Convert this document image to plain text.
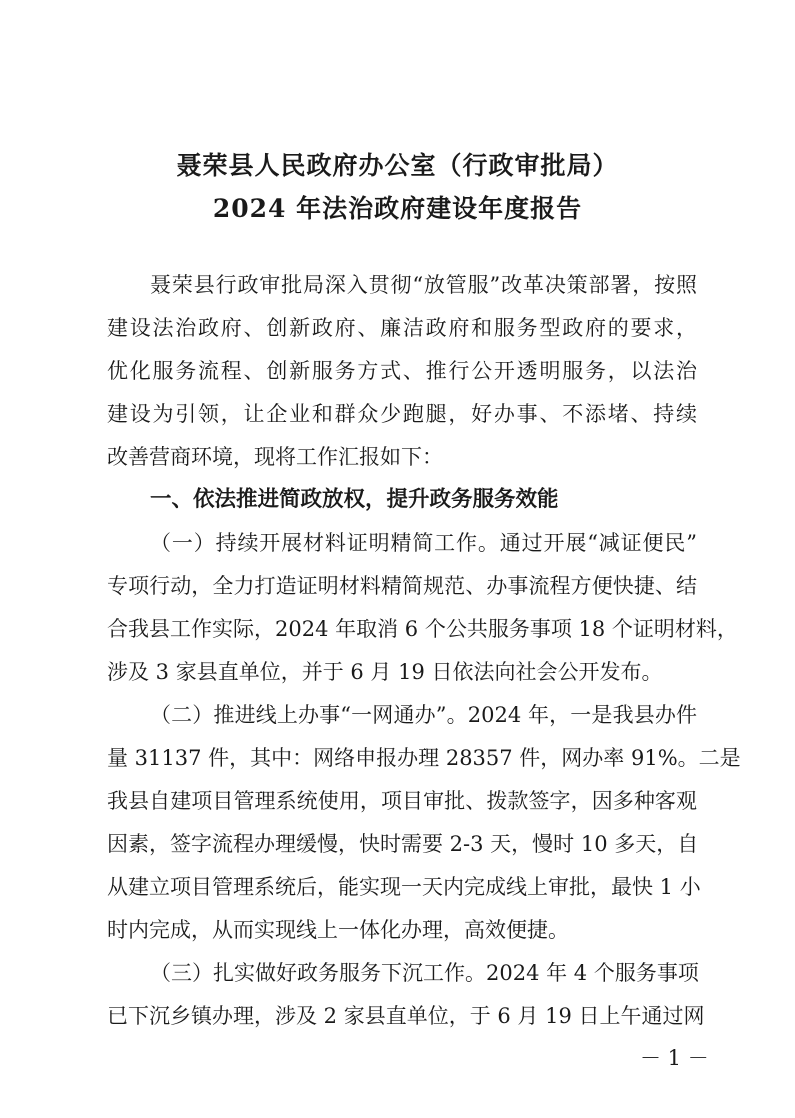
聂荣县人民政府办公室（行政审批局）
2024 年法治政府建设年度报告
聂荣县行政审批局深入贯彻“放管服”改革决策部署，按照
建设法治政府、创新政府、廉洁政府和服务型政府的要求，
优化服务流程、创新服务方式、推行公开透明服务，以法治
建设为引领，让企业和群众少跑腿，好办事、不添堵、持续
改善营商环境，现将工作汇报如下：
一、依法推进简政放权，提升政务服务效能
（一）持续开展材料证明精简工作。通过开展“减证便民”
专项行动，全力打造证明材料精简规范、办事流程方便快捷、结
合我县工作实际，2024 年取消 6 个公共服务事项 18 个证明材料，
涉及 3 家县直单位，并于 6 月 19 日依法向社会公开发布。
（二）推进线上办事“一网通办”。2024 年，一是我县办件
量 31137 件，其中：网络申报办理 28357 件，网办率 91%。二是
我县自建项目管理系统使用，项目审批、拨款签字，因多种客观
因素，签字流程办理缓慢，快时需要 2-3 天，慢时 10 多天，自
从建立项目管理系统后，能实现一天内完成线上审批，最快 1 小
时内完成，从而实现线上一体化办理，高效便捷。
（三）扎实做好政务服务下沉工作。2024 年 4 个服务事项
已下沉乡镇办理，涉及 2 家县直单位，于 6 月 19 日上午通过网
－ 1 －
